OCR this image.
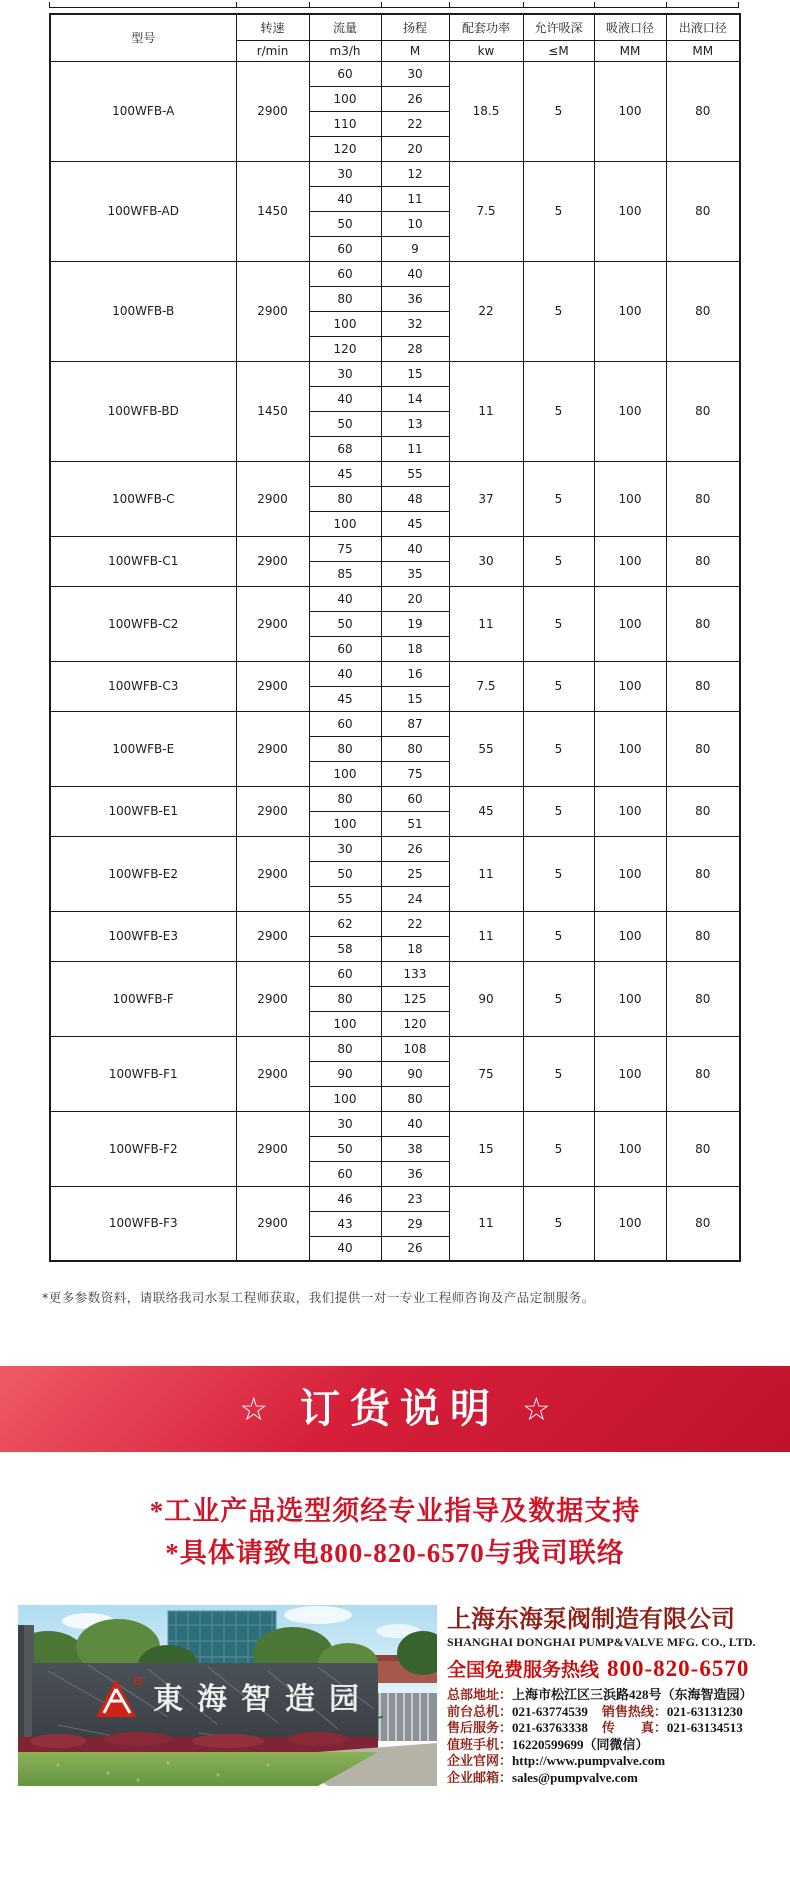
型号	转速	流量	扬程	配套功率	允许吸深	吸液口径	出液口径
	r/min	m3/h	M	kw	≤M	MM	MM
100WFB-A	2900	60	30	18.5	5	100	80
		100	26				
		110	22				
		120	20				
100WFB-AD	1450	30	12	7.5	5	100	80
		40	11				
		50	10				
		60	9				
100WFB-B	2900	60	40	22	5	100	80
		80	36				
		100	32				
		120	28				
100WFB-BD	1450	30	15	11	5	100	80
		40	14				
		50	13				
		68	11				
100WFB-C	2900	45	55	37	5	100	80
		80	48				
		100	45				
100WFB-C1	2900	75	40	30	5	100	80
		85	35				
100WFB-C2	2900	40	20	11	5	100	80
		50	19				
		60	18				
100WFB-C3	2900	40	16	7.5	5	100	80
		45	15				
100WFB-E	2900	60	87	55	5	100	80
		80	80				
		100	75				
100WFB-E1	2900	80	60	45	5	100	80
		100	51				
100WFB-E2	2900	30	26	11	5	100	80
		50	25				
		55	24				
100WFB-E3	2900	62	22	11	5	100	80
		58	18				
100WFB-F	2900	60	133	90	5	100	80
		80	125				
		100	120				
100WFB-F1	2900	80	108	75	5	100	80
		90	90				
		100	80				
100WFB-F2	2900	30	40	15	5	100	80
		50	38				
		60	36				
100WFB-F3	2900	46	23	11	5	100	80
		43	29				
		40	26				
*更多参数资料，请联络我司水泵工程师获取，我们提供一对一专业工程师咨询及产品定制服务。
☆ 订货说明 ☆
*工业产品选型须经专业指导及数据支持
*具体请致电800-820-6570与我司联络
東海智造园
上海东海泵阀制造有限公司
SHANGHAI DONGHAI PUMP&VALVE MFG. CO., LTD.
全国免费服务热线 800-820-6570
总部地址：上海市松江区三浜路428号（东海智造园）
前台总机：021-63774539 销售热线：021-63131230
售后服务：021-63763338 传　　真：021-63134513
值班手机：16220599699（同微信）
企业官网：http://www.pumpvalve.com
企业邮箱：sales@pumpvalve.com
